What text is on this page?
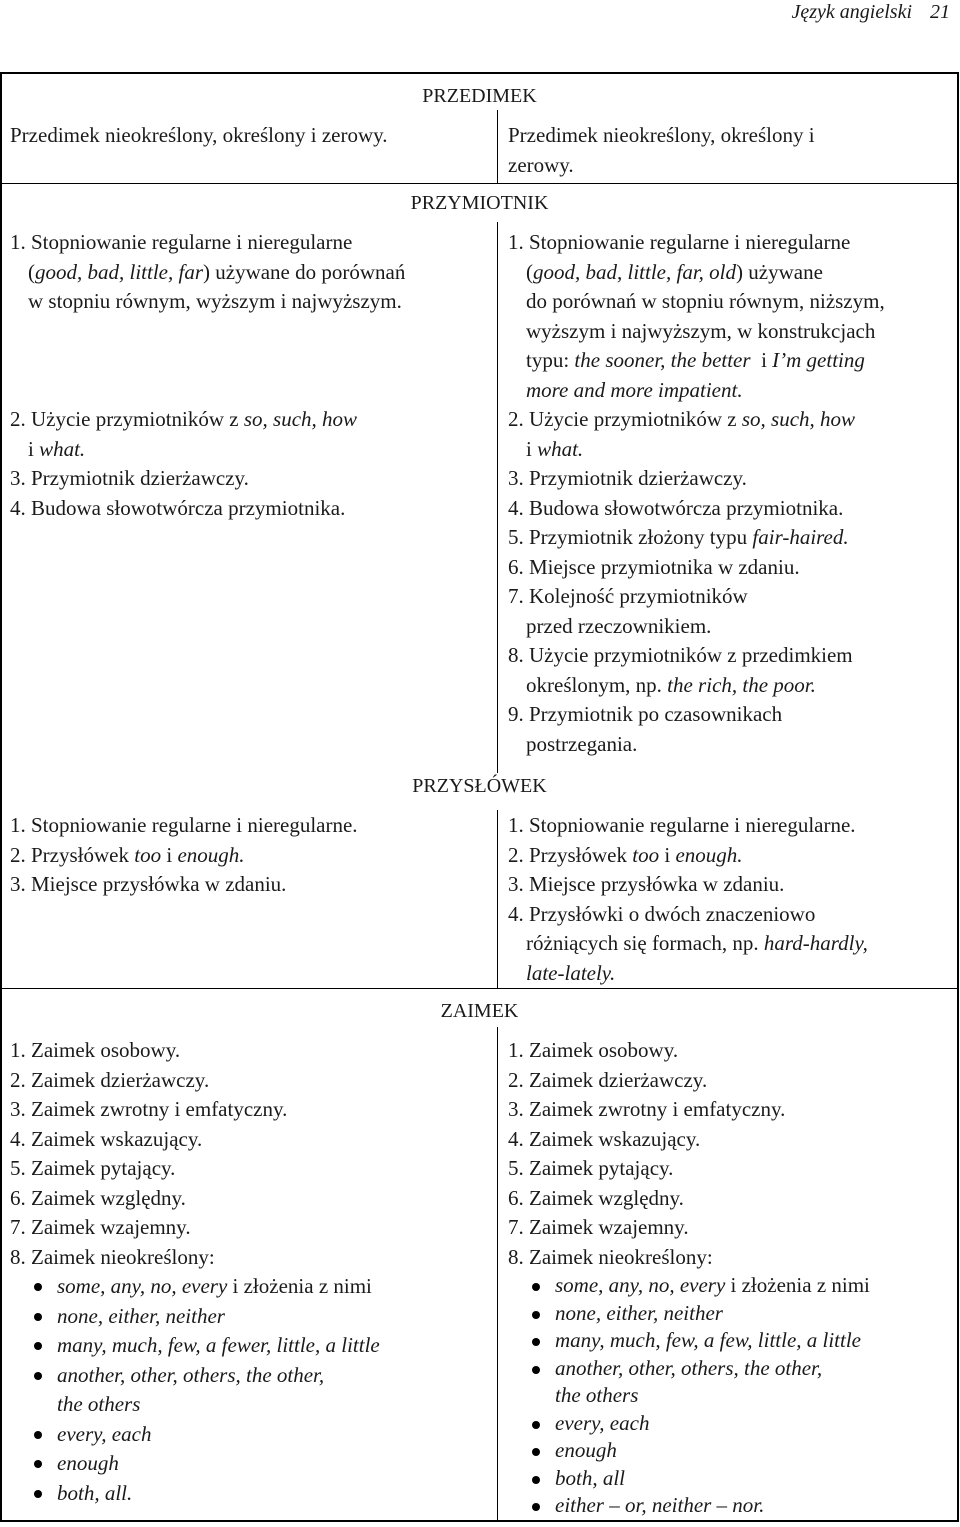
Język angielski 21
PRZEDIMEK
Przedimek nieokreślony, określony i zerowy.	Przedimek nieokreślony, określony i
zerowy.
PRZYMIOTNIK
1. Stopniowanie regularne i nieregularne
(good, bad, little, far) używane do porównań
w stopniu równym, wyższym i najwyższym.
2. Użycie przymiotników z so, such, how
i what.
3. Przymiotnik dzierżawczy.
4. Budowa słowotwórcza przymiotnika.
1. Stopniowanie regularne i nieregularne
(good, bad, little, far, old) używane
do porównań w stopniu równym, niższym,
wyższym i najwyższym, w konstrukcjach
typu: the sooner, the better  i I’m getting
more and more impatient.
2. Użycie przymiotników z so, such, how
i what.
3. Przymiotnik dzierżawczy.
4. Budowa słowotwórcza przymiotnika.
5. Przymiotnik złożony typu fair-haired.
6. Miejsce przymiotnika w zdaniu.
7. Kolejność przymiotników
przed rzeczownikiem.
8. Użycie przymiotników z przedimkiem
określonym, np. the rich, the poor.
9. Przymiotnik po czasownikach
postrzegania.
PRZYSŁÓWEK
1. Stopniowanie regularne i nieregularne.
2. Przysłówek too i enough.
3. Miejsce przysłówka w zdaniu.
1. Stopniowanie regularne i nieregularne.
2. Przysłówek too i enough.
3. Miejsce przysłówka w zdaniu.
4. Przysłówki o dwóch znaczeniowo
różniących się formach, np. hard-hardly,
late-lately.
ZAIMEK
1. Zaimek osobowy.
2. Zaimek dzierżawczy.
3. Zaimek zwrotny i emfatyczny.
4. Zaimek wskazujący.
5. Zaimek pytający.
6. Zaimek względny.
7. Zaimek wzajemny.
8. Zaimek nieokreślony:
some, any, no, every i złożenia z nimi
none, either, neither
many, much, few, a fewer, little, a little
another, other, others, the other,
the others
every, each
enough
both, all.
1. Zaimek osobowy.
2. Zaimek dzierżawczy.
3. Zaimek zwrotny i emfatyczny.
4. Zaimek wskazujący.
5. Zaimek pytający.
6. Zaimek względny.
7. Zaimek wzajemny.
8. Zaimek nieokreślony:
some, any, no, every i złożenia z nimi
none, either, neither
many, much, few, a few, little, a little
another, other, others, the other,
the others
every, each
enough
both, all
either – or, neither – nor.
